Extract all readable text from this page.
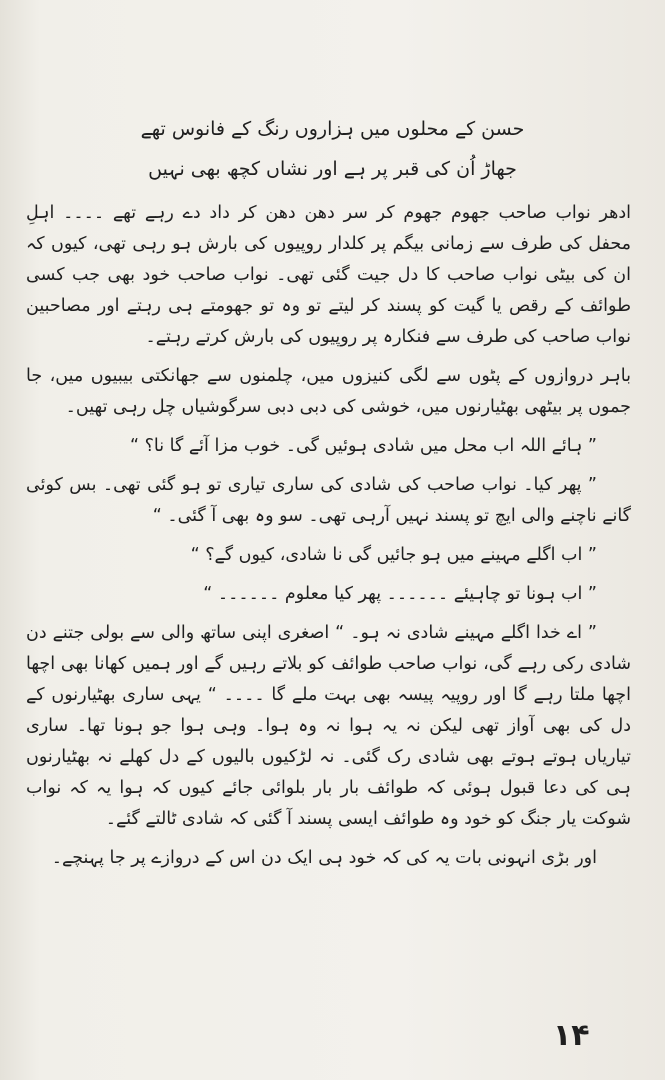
حسن کے محلوں میں ہزاروں رنگ کے فانوس تھے
جھاڑ اُن کی قبر پر ہے اور نشاں کچھ بھی نہیں

ادھر نواب صاحب جھوم جھوم کر سر دھن دھن کر داد دے رہے تھے ۔۔۔۔ اہلِ محفل کی طرف سے زمانی بیگم پر کلدار روپیوں کی بارش ہو رہی تھی، کیوں کہ ان کی بیٹی نواب صاحب کا دل جیت گئی تھی۔ نواب صاحب خود بھی جب کسی طوائف کے رقص یا گیت کو پسند کر لیتے تو وہ تو جھومتے ہی رہتے اور مصاحبین نواب صاحب کی طرف سے فنکارہ پر روپیوں کی بارش کرتے رہتے۔

باہر دروازوں کے پٹوں سے لگی کنیزوں میں، چلمنوں سے جھانکتی بیبیوں میں، جا جموں پر بیٹھی بھٹیارنوں میں، خوشی کی دبی دبی سرگوشیاں چل رہی تھیں۔

” ہائے اللہ اب محل میں شادی ہوئیں گی۔ خوب مزا آئے گا نا؟ “

” پھر کیا۔ نواب صاحب کی شادی کی ساری تیاری تو ہو گئی تھی۔ بس کوئی گانے ناچنے والی ایچ تو پسند نہیں آرہی تھی۔ سو وہ بھی آ گئی۔ “

” اب اگلے مہینے میں ہو جائیں گی نا شادی، کیوں گے؟ “

” اب ہونا تو چاہیئے ۔۔۔۔۔۔ پھر کیا معلوم ۔۔۔۔۔۔ “

” اے خدا اگلے مہینے شادی نہ ہو۔ “ اصغری اپنی ساتھ والی سے بولی جتنے دن شادی رکی رہے گی، نواب صاحب طوائف کو بلاتے رہیں گے اور ہمیں کھانا بھی اچھا اچھا ملتا رہے گا اور روپیہ پیسہ بھی بہت ملے گا ۔۔۔۔ “ یہی ساری بھٹیارنوں کے دل کی بھی آواز تھی لیکن نہ یہ ہوا نہ وہ ہوا۔ وہی ہوا جو ہونا تھا۔ ساری تیاریاں ہوتے ہوتے بھی شادی رک گئی۔ نہ لڑکیوں بالیوں کے دل کھلے نہ بھٹیارنوں ہی کی دعا قبول ہوئی کہ طوائف بار بار بلوائی جائے کیوں کہ ہوا یہ کہ نواب شوکت یار جنگ کو خود وہ طوائف ایسی پسند آ گئی کہ شادی ٹالتے گئے۔

اور بڑی انہونی بات یہ کی کہ خود ہی ایک دن اس کے دروازے پر جا پہنچے۔

١۴
